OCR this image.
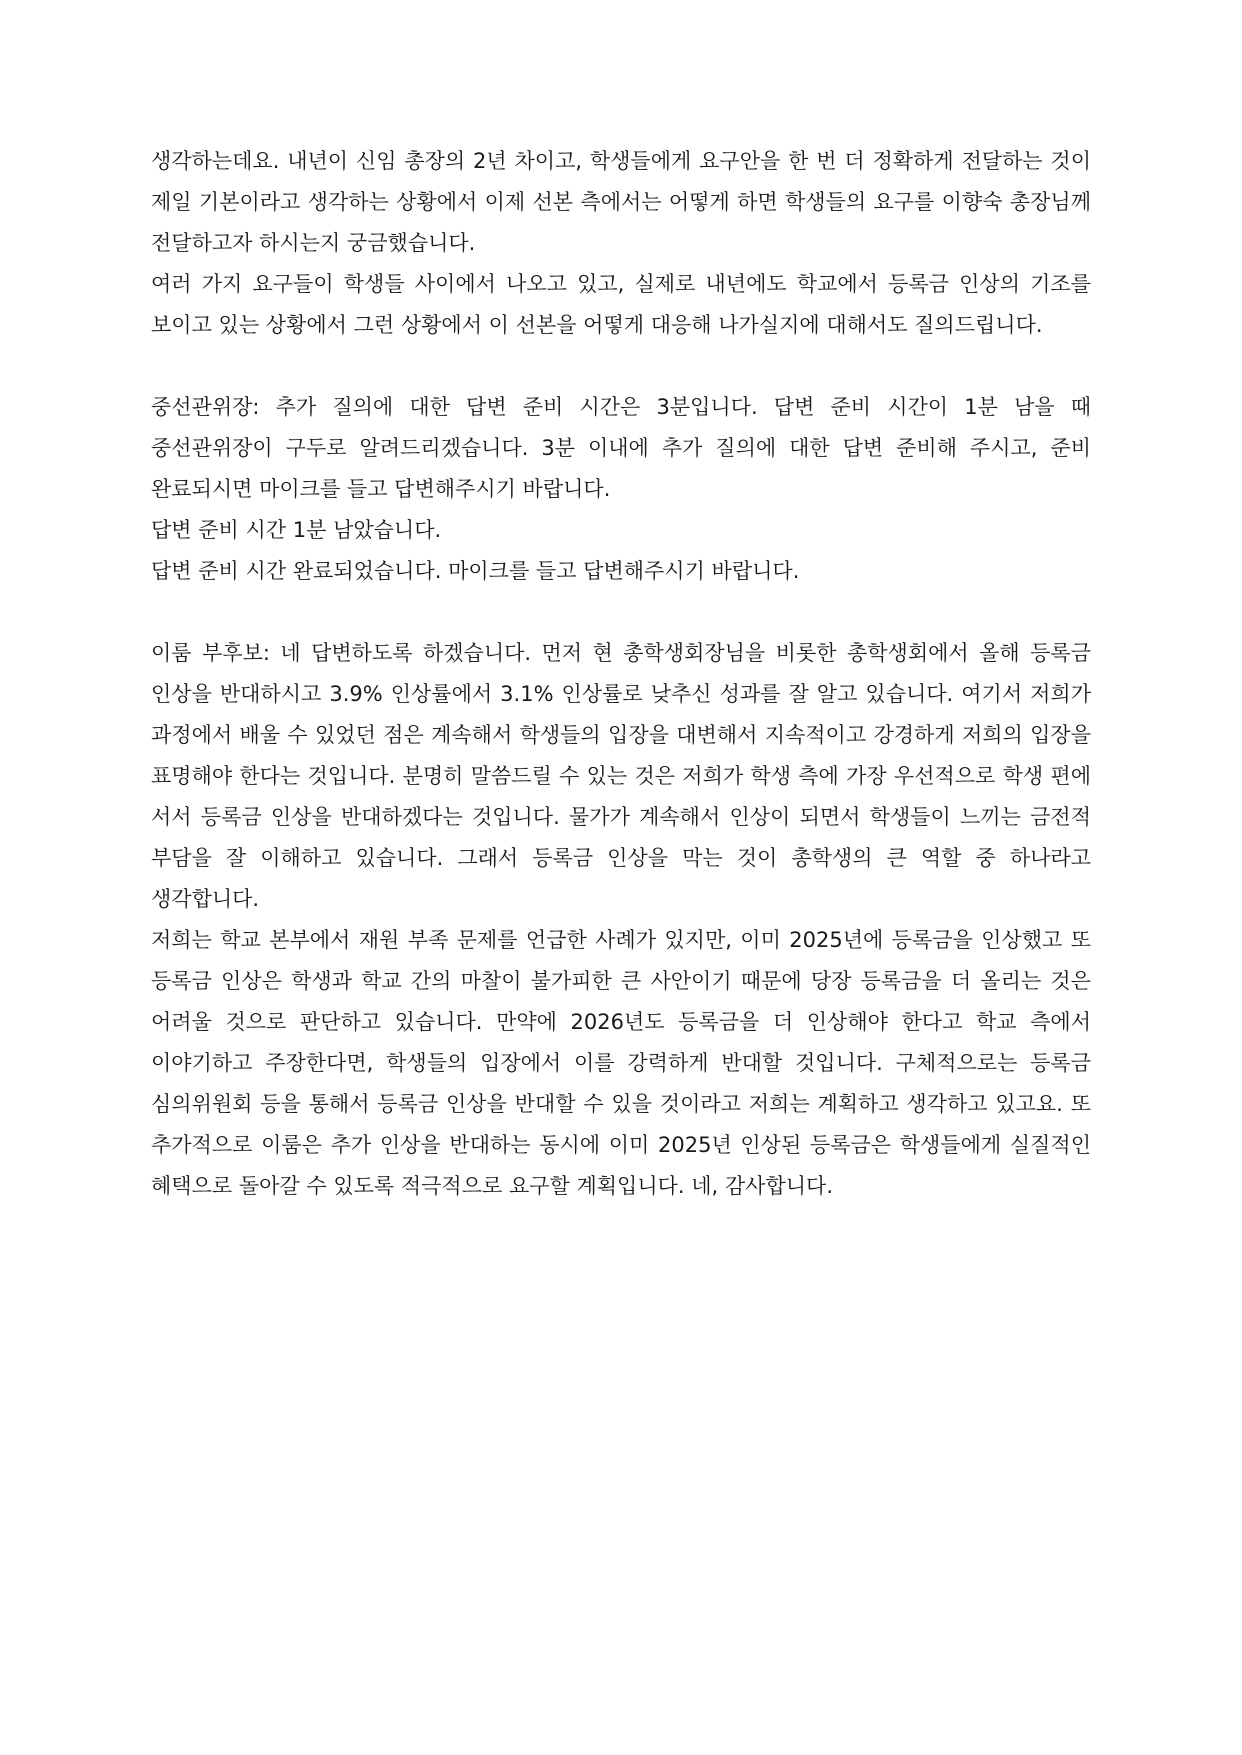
생각하는데요. 내년이 신임 총장의 2년 차이고, 학생들에게 요구안을 한 번 더 정확하게 전달하는 것이 제일 기본이라고 생각하는 상황에서 이제 선본 측에서는 어떻게 하면 학생들의 요구를 이향숙 총장님께 전달하고자 하시는지 궁금했습니다.

여러 가지 요구들이 학생들 사이에서 나오고 있고, 실제로 내년에도 학교에서 등록금 인상의 기조를 보이고 있는 상황에서 그런 상황에서 이 선본을 어떻게 대응해 나가실지에 대해서도 질의드립니다.

중선관위장: 추가 질의에 대한 답변 준비 시간은 3분입니다. 답변 준비 시간이 1분 남을 때 중선관위장이 구두로 알려드리겠습니다. 3분 이내에 추가 질의에 대한 답변 준비해 주시고, 준비 완료되시면 마이크를 들고 답변해주시기 바랍니다.

답변 준비 시간 1분 남았습니다.

답변 준비 시간 완료되었습니다. 마이크를 들고 답변해주시기 바랍니다.

이룸 부후보: 네 답변하도록 하겠습니다. 먼저 현 총학생회장님을 비롯한 총학생회에서 올해 등록금 인상을 반대하시고 3.9% 인상률에서 3.1% 인상률로 낮추신 성과를 잘 알고 있습니다. 여기서 저희가 과정에서 배울 수 있었던 점은 계속해서 학생들의 입장을 대변해서 지속적이고 강경하게 저희의 입장을 표명해야 한다는 것입니다. 분명히 말씀드릴 수 있는 것은 저희가 학생 측에 가장 우선적으로 학생 편에 서서 등록금 인상을 반대하겠다는 것입니다. 물가가 계속해서 인상이 되면서 학생들이 느끼는 금전적 부담을 잘 이해하고 있습니다. 그래서 등록금 인상을 막는 것이 총학생의 큰 역할 중 하나라고 생각합니다.

저희는 학교 본부에서 재원 부족 문제를 언급한 사례가 있지만, 이미 2025년에 등록금을 인상했고 또 등록금 인상은 학생과 학교 간의 마찰이 불가피한 큰 사안이기 때문에 당장 등록금을 더 올리는 것은 어려울 것으로 판단하고 있습니다. 만약에 2026년도 등록금을 더 인상해야 한다고 학교 측에서 이야기하고 주장한다면, 학생들의 입장에서 이를 강력하게 반대할 것입니다. 구체적으로는 등록금 심의위원회 등을 통해서 등록금 인상을 반대할 수 있을 것이라고 저희는 계획하고 생각하고 있고요. 또 추가적으로 이룸은 추가 인상을 반대하는 동시에 이미 2025년 인상된 등록금은 학생들에게 실질적인 혜택으로 돌아갈 수 있도록 적극적으로 요구할 계획입니다. 네, 감사합니다.
